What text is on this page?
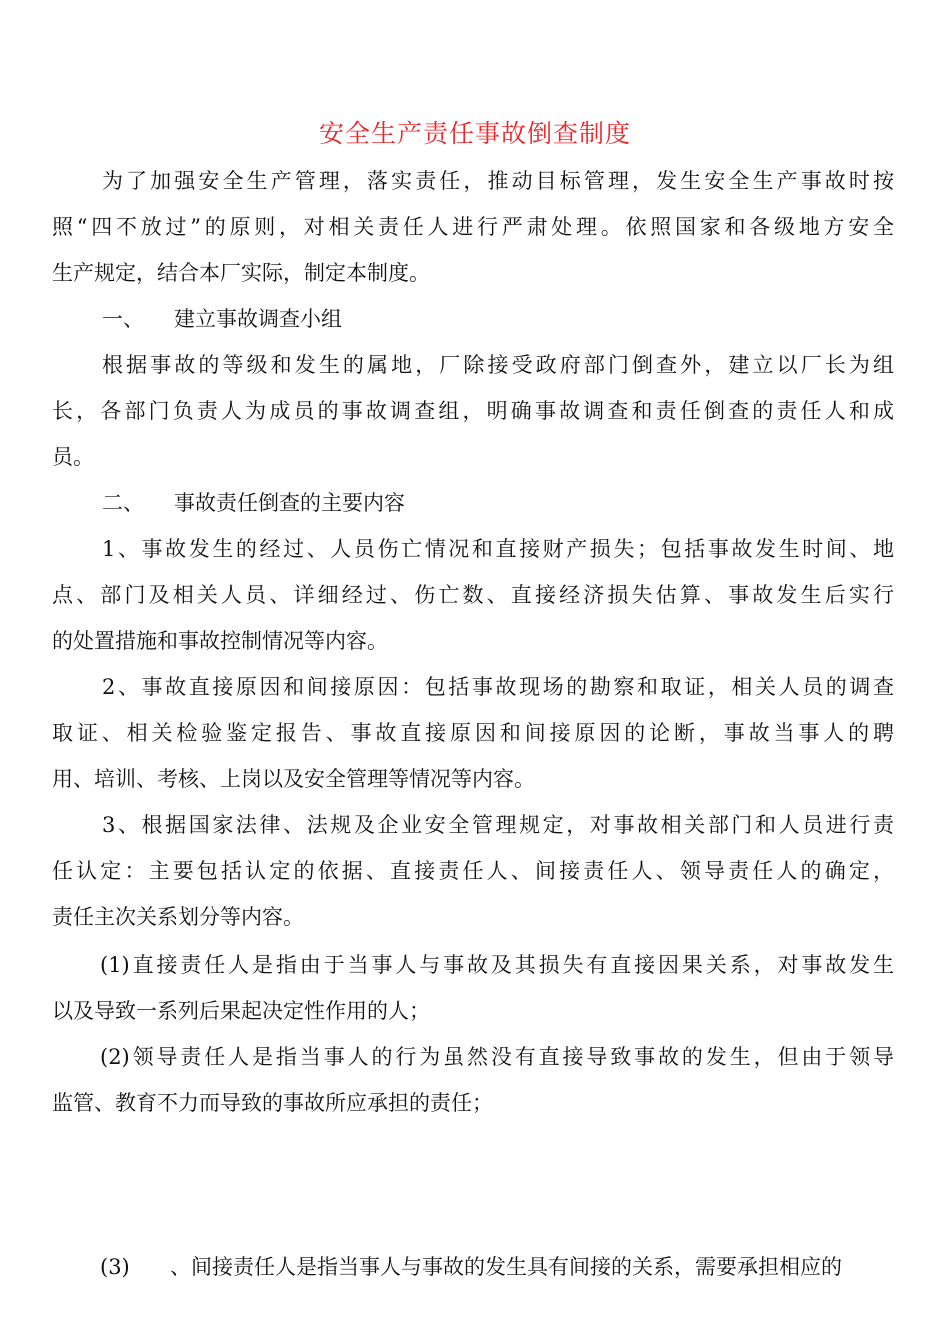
安全生产责任事故倒查制度
为了加强安全生产管理，落实责任，推动目标管理，发生安全生产事故时按
照“四不放过”的原则，对相关责任人进行严肃处理。依照国家和各级地方安全
生产规定，结合本厂实际，制定本制度。
一、 建立事故调查小组
根据事故的等级和发生的属地，厂除接受政府部门倒查外，建立以厂长为组
长，各部门负责人为成员的事故调查组，明确事故调查和责任倒查的责任人和成
员。
二、 事故责任倒查的主要内容
1、事故发生的经过、人员伤亡情况和直接财产损失；包括事故发生时间、地
点、部门及相关人员、详细经过、伤亡数、直接经济损失估算、事故发生后实行
的处置措施和事故控制情况等内容。
2、事故直接原因和间接原因：包括事故现场的勘察和取证，相关人员的调查
取证、相关检验鉴定报告、事故直接原因和间接原因的论断，事故当事人的聘
用、培训、考核、上岗以及安全管理等情况等内容。
3、根据国家法律、法规及企业安全管理规定，对事故相关部门和人员进行责
任认定：主要包括认定的依据、直接责任人、间接责任人、领导责任人的确定，
责任主次关系划分等内容。
(1)直接责任人是指由于当事人与事故及其损失有直接因果关系，对事故发生
以及导致一系列后果起决定性作用的人；
(2)领导责任人是指当事人的行为虽然没有直接导致事故的发生，但由于领导
监管、教育不力而导致的事故所应承担的责任；
(3) 、间接责任人是指当事人与事故的发生具有间接的关系，需要承担相应的
